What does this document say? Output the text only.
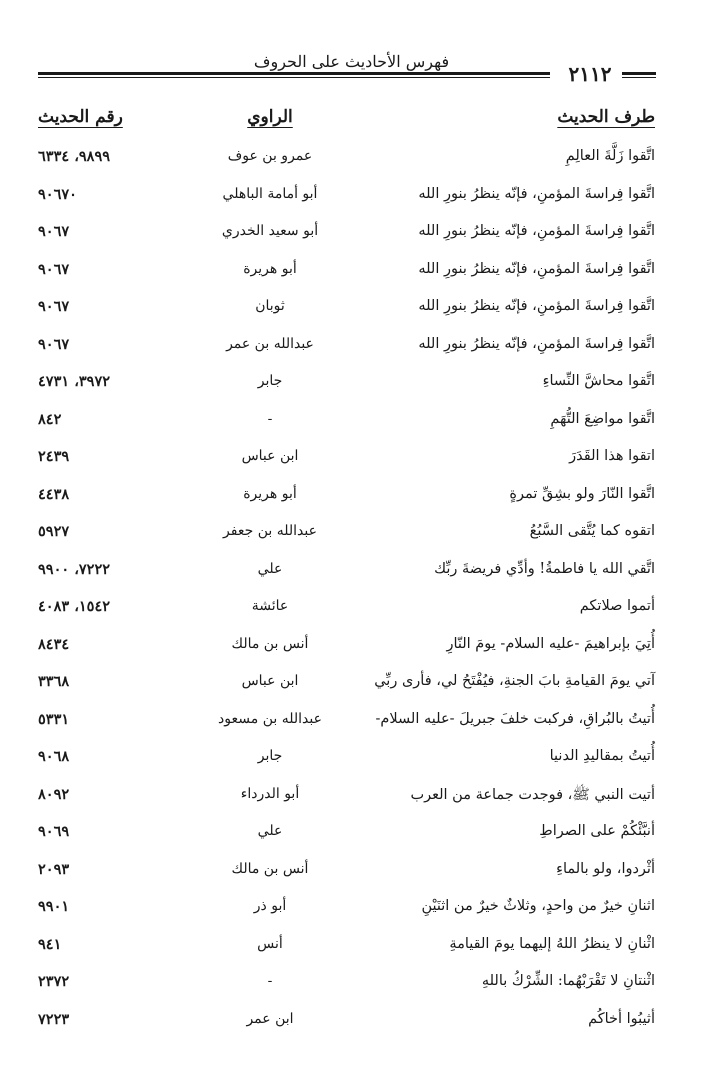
فهرس الأحاديث على الحروف
٢١١٢
طرف الحديث
الراوي
رقم الحديث
اتَّقوا زَلَّةَ العالِمِ
عمرو بن عوف
٩٨٩٩، ٦٣٣٤
اتَّقوا فِراسةَ المؤمنِ، فإنّه ينظرُ بنورِ الله
أبو أمامة الباهلي
٩٠٦٧٠
اتَّقوا فِراسةَ المؤمنِ، فإنّه ينظرُ بنورِ الله
أبو سعيد الخدري
٩٠٦٧
اتَّقوا فِراسةَ المؤمنِ، فإنّه ينظرُ بنورِ الله
أبو هريرة
٩٠٦٧
اتَّقوا فِراسةَ المؤمنِ، فإنّه ينظرُ بنورِ الله
ثوبان
٩٠٦٧
اتَّقوا فِراسةَ المؤمنِ، فإنّه ينظرُ بنورِ الله
عبدالله بن عمر
٩٠٦٧
اتَّقوا محاشَّ النِّساءِ
جابر
٣٩٧٢، ٤٧٣١
اتَّقوا مواضِعَ التُّهَمِ
-
٨٤٢
اتقوا هذا القَدَرَ
ابن عباس
٢٤٣٩
اتَّقوا النّارَ ولو بشِقِّ تمرةٍ
أبو هريرة
٤٤٣٨
اتقوه كما يُتَّقى السَّبُعُ
عبدالله بن جعفر
٥٩٢٧
اتَّقي الله يا فاطمةُ! وأدِّي فريضةَ ربِّك
علي
٧٢٢٢، ٩٩٠٠
أتموا صلاتكم
عائشة
١٥٤٢، ٤٠٨٣
أُتِيَ بإبراهيمَ -عليه السلام- يومَ النّارِ
أنس بن مالك
٨٤٣٤
آتي يومَ القيامةِ بابَ الجنةِ، فيُفْتَحُ لي، فأرى ربِّي
ابن عباس
٣٣٦٨
أُتيتُ بالبُراقِ، فركبت خلفَ جبريلَ -عليه السلام-
عبدالله بن مسعود
٥٣٣١
أُتيتُ بمقاليدِ الدنيا
جابر
٩٠٦٨
أتيت النبي ﷺ، فوجدت جماعة من العرب
أبو الدرداء
٨٠٩٢
أنبَّئْكُمْ على الصراطِ
علي
٩٠٦٩
أثْردوا، ولو بالماءِ
أنس بن مالك
٢٠٩٣
اثنانِ خيرٌ من واحدٍ، وثلاثٌ خيرٌ من اثنَيْنِ
أبو ذر
٩٩٠١
اثْنانِ لا ينظرُ اللهُ إليهما يومَ القيامةِ
أنس
٩٤١
اثْنتانِ لا تَقْرَبْهُما: الشِّرْكُ باللهِ
-
٢٣٧٢
أثيبُوا أخاكُم
ابن عمر
٧٢٢٣
